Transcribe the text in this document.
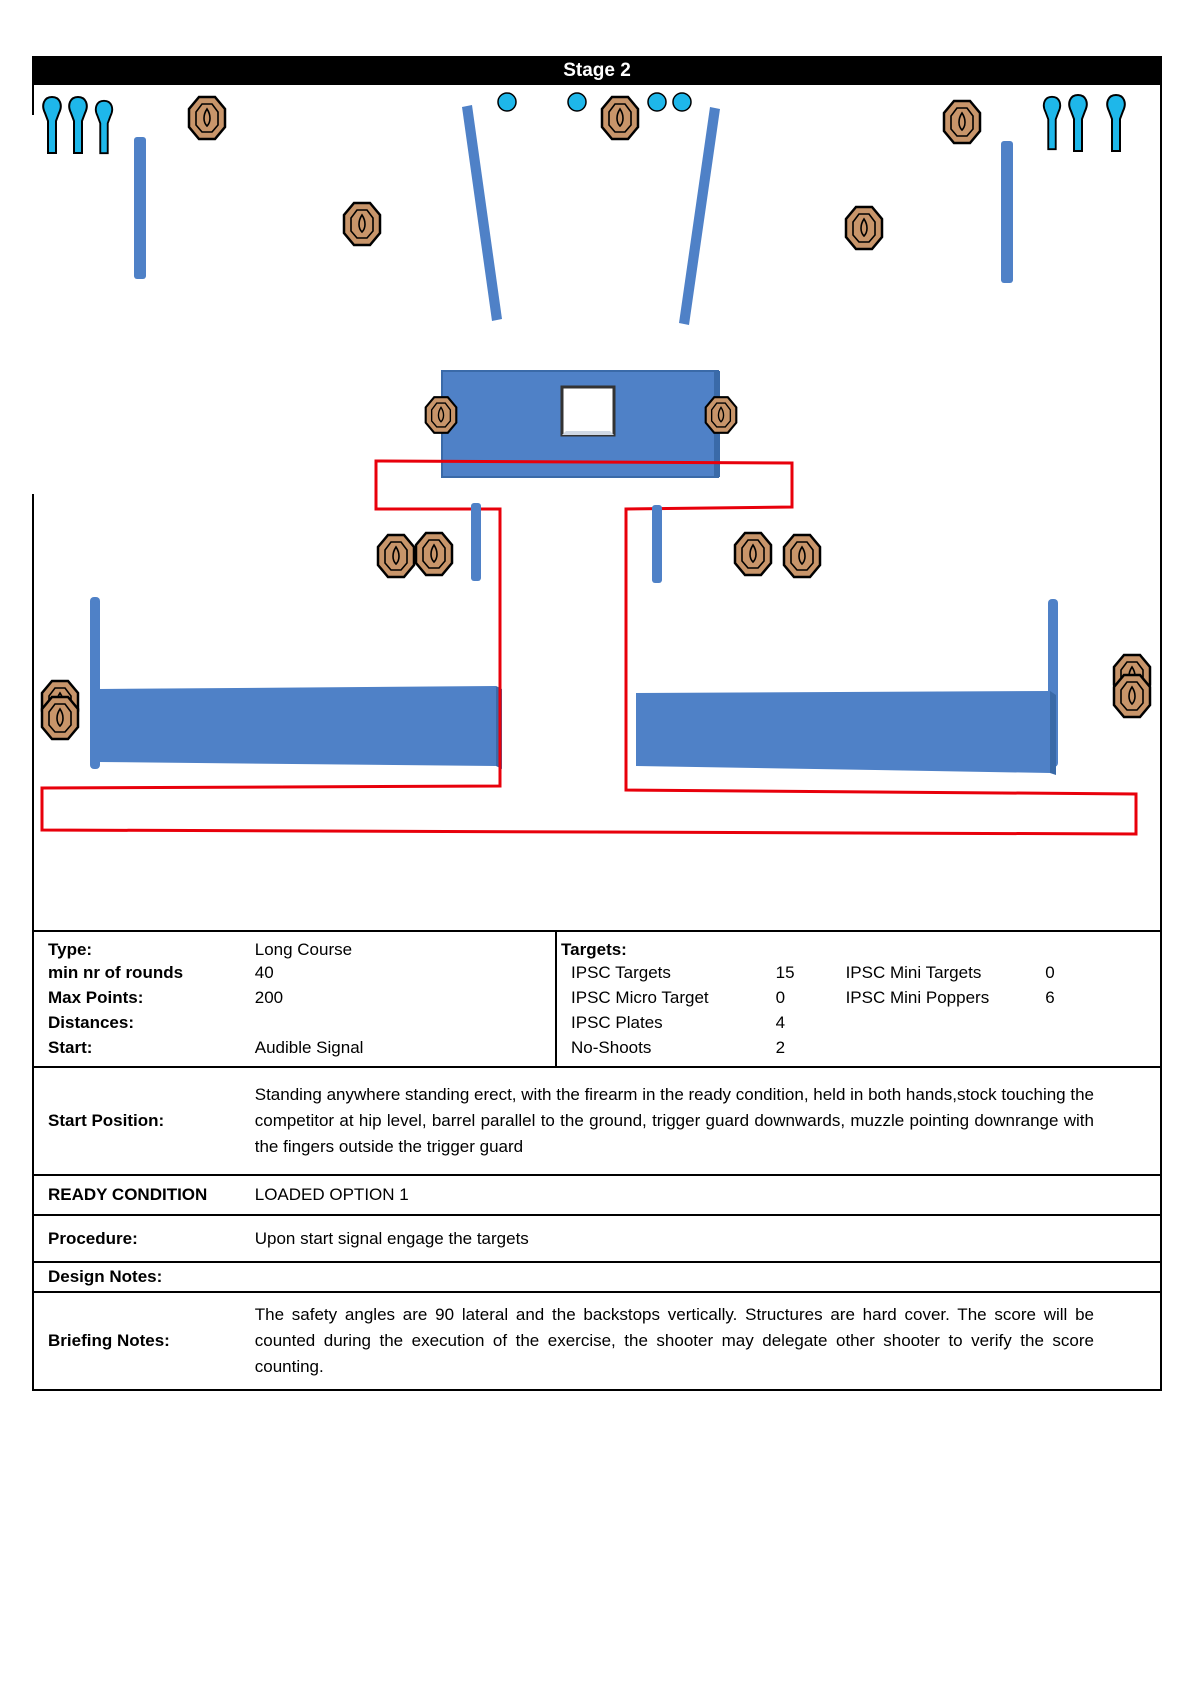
Stage 2
Type:	Long Course	Targets:			
min nr of rounds	40	IPSC Targets	15	IPSC Mini Targets	0
Max Points:	200	IPSC Micro Target	0	IPSC Mini Poppers	6
Distances:		IPSC Plates	4		
Start:	Audible Signal	No-Shoots	2		
Start Position:	Standing anywhere standing erect, with the firearm in the ready condition, held in both hands,stock touching the competitor at hip level, barrel parallel to the ground, trigger guard downwards, muzzle pointing downrange with the fingers outside the trigger guard				
READY CONDITION	LOADED OPTION 1				
Procedure:	Upon start signal engage the targets				
Design Notes:					
Briefing Notes:	The safety angles are 90 lateral and the backstops vertically. Structures are hard cover. The score will be counted during the execution of the exercise, the shooter may delegate other shooter to verify the score counting.				
